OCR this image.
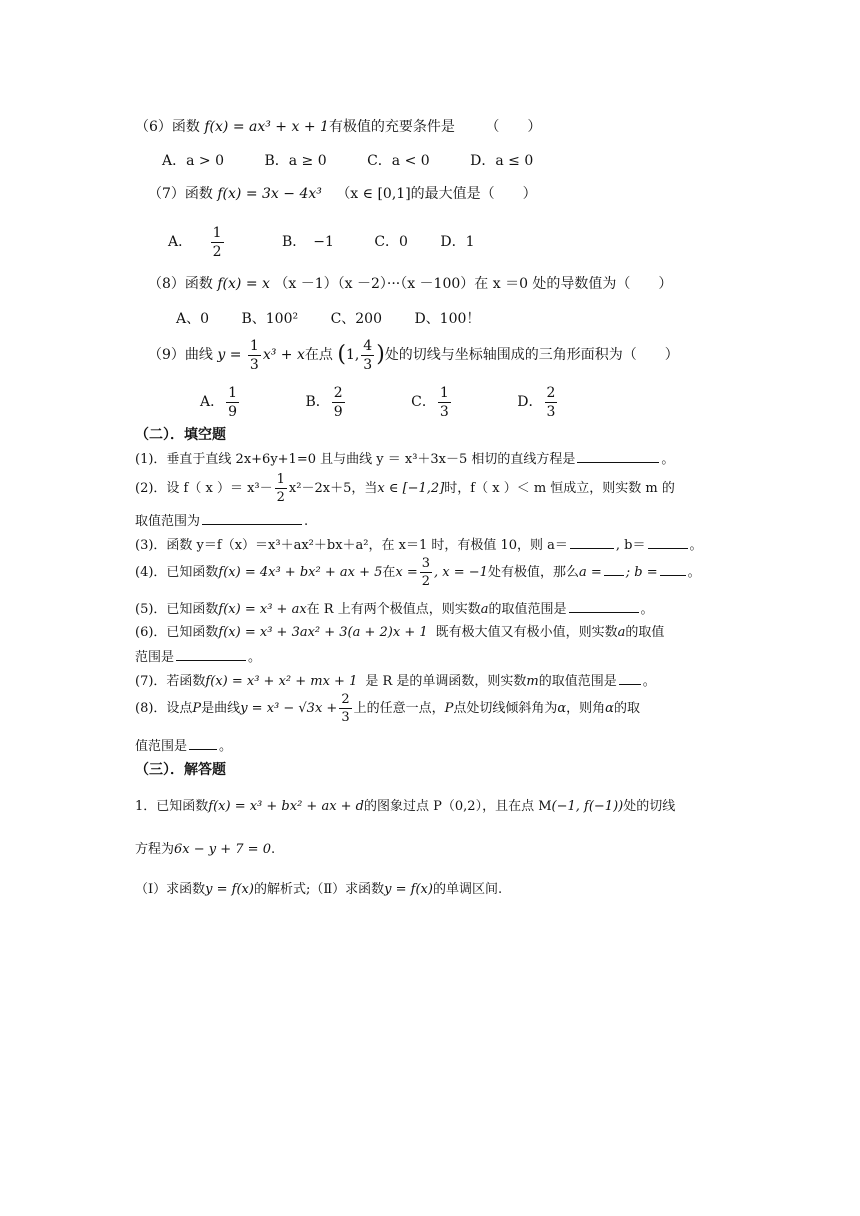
（6）函数 f(x) = ax³ + x + 1有极值的充要条件是 （　　）
A．a > 0	B．a ≥ 0	C．a < 0	D．a ≤ 0
（7）函数 f(x) = 3x − 4x³ （x ∈ [0,1]的最大值是（　　）
A． $\frac{1}{2}$	B．　−1	C．0 D．1
（8）函数 f(x) = x （x －1）（x －2）···（x －100）在 x ＝0 处的导数值为（　　）
A、0 B、100² C、200 D、100！
（9）曲线 $y = \frac{1}{3} x^3 + x$在点 (1, $\frac{4}{3}$ )处的切线与坐标轴围成的三角形面积为（　　）
A． $\frac{1}{9}$	B． $\frac{2}{9}$	C． $\frac{1}{3}$	D． $\frac{2}{3}$
（二）．填空题
(1)．垂直于直线 2x+6y+1=0 且与曲线 y ＝ x³＋3x－5 相切的直线方程是	。
(2)．设 f（ x ）＝ $x^3- \frac{1}{2} x^2-2x+5$，当x ∈ [−1,2]时，f（ x ）＜ m 恒成立，则实数 m 的
取值范围为	.
(3)．函数 y＝f（x）＝x³＋ax²＋bx＋a²，在 x＝1 时，有极值 10，则 a＝	, b＝	。
(4)．已知函数f(x) = 4x³ + bx² + ax + 5在$x = \frac{3}{2}$ , x = −1处有极值，那么a = ; b = 。
(5)．已知函数f(x) = x³ + ax在 R 上有两个极值点，则实数a的取值范围是	。
(6)．已知函数f(x) = x³ + 3ax² + 3(a + 2)x + 1 既有极大值又有极小值，则实数a的取值
范围是	。
(7)．若函数f(x) = x³ + x² + mx + 1 是 R 是的单调函数，则实数m的取值范围是 。
(8)．设点P是曲线$y = x^3 - √3x + \frac{2}{3}$ 上的任意一点，P点处切线倾斜角为α，则角α的取
值范围是 。
（三）．解答题
1．已知函数f(x) = x³ + bx² + ax + d的图象过点 P（0,2），且在点 M(−1, f(−1))处的切线
方程为6x − y + 7 = 0.
（Ⅰ）求函数y = f(x)的解析式;（Ⅱ）求函数y = f(x)的单调区间.
